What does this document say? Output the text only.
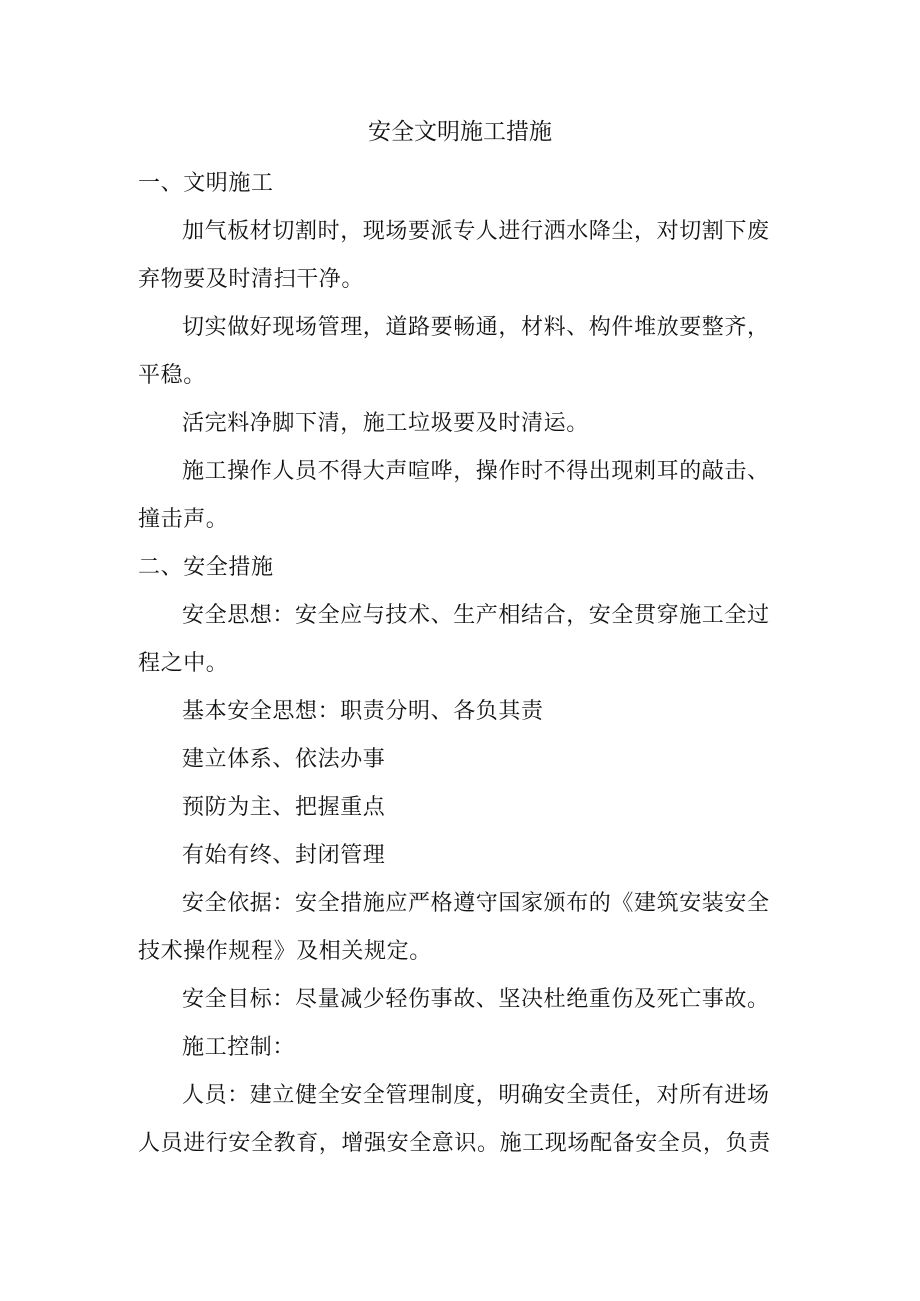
安全文明施工措施

一、文明施工

加气板材切割时，现场要派专人进行洒水降尘，对切割下废弃物要及时清扫干净。

切实做好现场管理，道路要畅通，材料、构件堆放要整齐，平稳。

活完料净脚下清，施工垃圾要及时清运。

施工操作人员不得大声喧哗，操作时不得出现刺耳的敲击、撞击声。

二、安全措施

安全思想：安全应与技术、生产相结合，安全贯穿施工全过程之中。

基本安全思想：职责分明、各负其责

建立体系、依法办事

预防为主、把握重点

有始有终、封闭管理

安全依据：安全措施应严格遵守国家颁布的《建筑安装安全技术操作规程》及相关规定。

安全目标：尽量减少轻伤事故、坚决杜绝重伤及死亡事故。

施工控制：

人员：建立健全安全管理制度，明确安全责任，对所有进场人员进行安全教育，增强安全意识。施工现场配备安全员，负责
